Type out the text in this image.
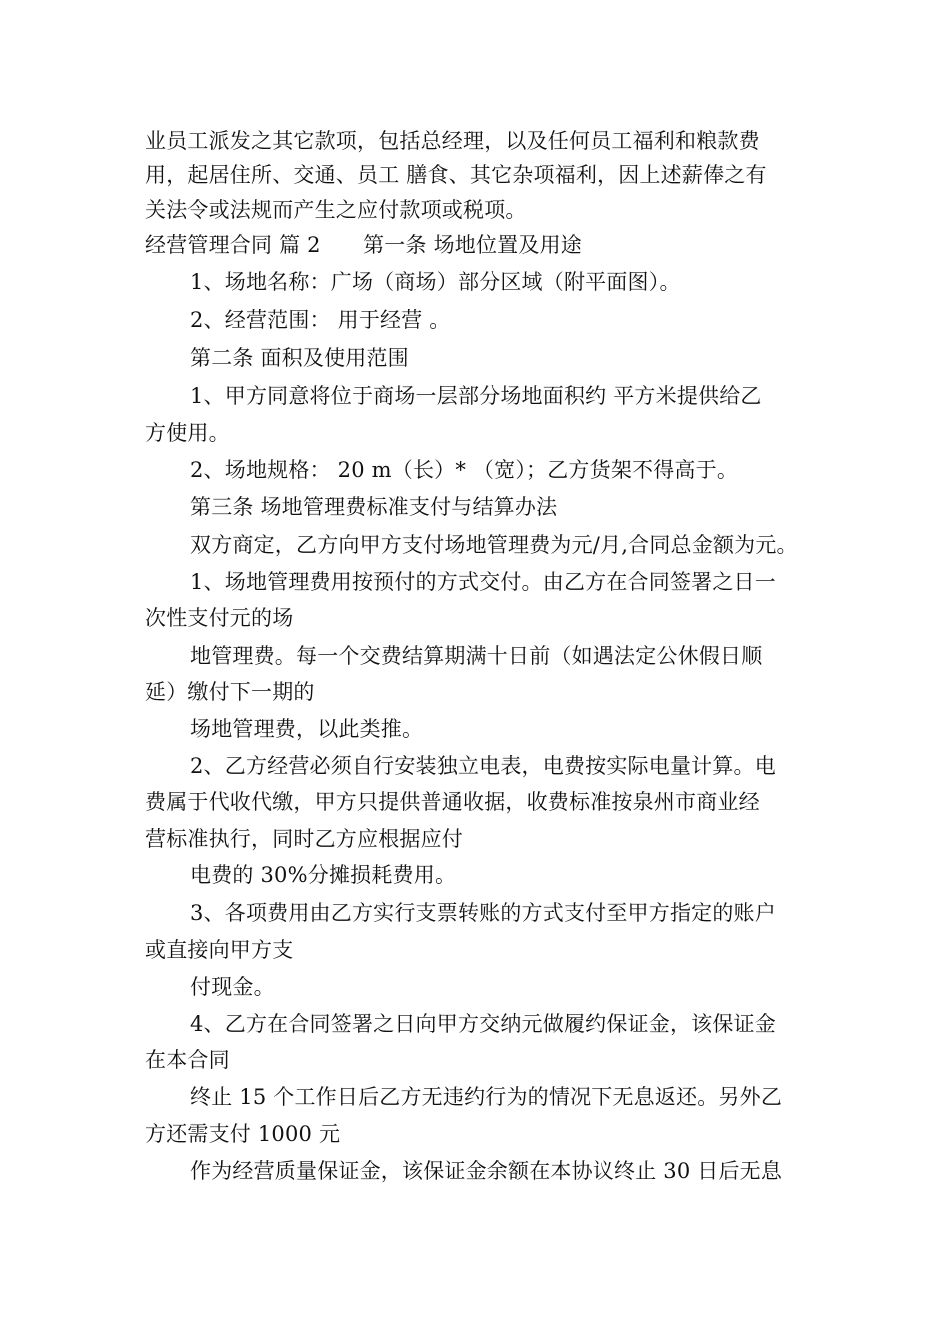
业员工派发之其它款项，包括总经理，以及任何员工福利和粮款费
用，起居住所、交通、员工 膳食、其它杂项福利，因上述薪俸之有
关法令或法规而产生之应付款项或税项。
经营管理合同 篇 2　　第一条 场地位置及用途
1、场地名称：广场（商场）部分区域（附平面图）。
2、经营范围： 用于经营 。
第二条 面积及使用范围
1、甲方同意将位于商场一层部分场地面积约 平方米提供给乙
方使用。
2、场地规格： 20 m（长）* （宽）；乙方货架不得高于。
第三条 场地管理费标准支付与结算办法
双方商定，乙方向甲方支付场地管理费为元/月,合同总金额为元。
1、场地管理费用按预付的方式交付。由乙方在合同签署之日一
次性支付元的场
地管理费。每一个交费结算期满十日前（如遇法定公休假日顺
延）缴付下一期的
场地管理费，以此类推。
2、乙方经营必须自行安装独立电表，电费按实际电量计算。电
费属于代收代缴，甲方只提供普通收据，收费标准按泉州市商业经
营标准执行，同时乙方应根据应付
电费的 30%分摊损耗费用。
3、各项费用由乙方实行支票转账的方式支付至甲方指定的账户
或直接向甲方支
付现金。
4、乙方在合同签署之日向甲方交纳元做履约保证金，该保证金
在本合同
终止 15 个工作日后乙方无违约行为的情况下无息返还。另外乙
方还需支付 1000 元
作为经营质量保证金，该保证金余额在本协议终止 30 日后无息
